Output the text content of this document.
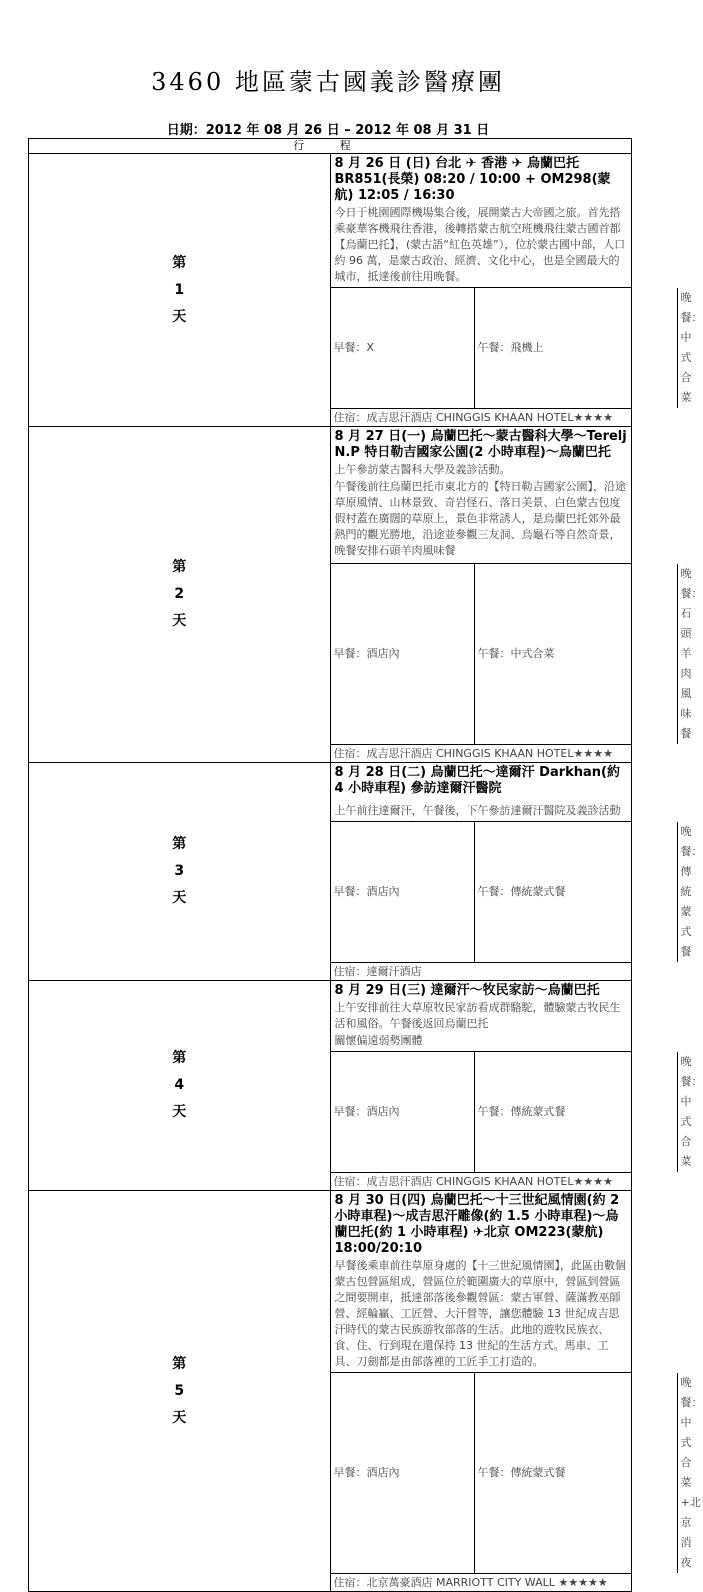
3460 地區蒙古國義診醫療團
日期：2012 年 08 月 26 日 – 2012 年 08 月 31 日
行 程

第
1
天

8 月 26 日 (日) 台北 ✈ 香港 ✈ 烏蘭巴托
BR851(長榮) 08:20 / 10:00 + OM298(蒙航) 12:05 / 16:30
今日于桃園國際機場集合後，展開蒙古大帝國之旅。首先搭乘豪華客機飛往香港，後轉搭蒙古航空班機飛往蒙古國首都【烏蘭巴托】，(蒙古語“紅色英雄”），位於蒙古國中部，人口約 96 萬，是蒙古政治、經濟、文化中心，也是全國最大的城市，抵達後前往用晚餐。

早餐：X	午餐：飛機上	晚餐：中式合菜

住宿：成吉思汗酒店 CHINGGIS KHAAN HOTEL★★★★

第
2
天

8 月 27 日(一) 烏蘭巴托～蒙古醫科大學～Terelj N.P 特日勒吉國家公園(2 小時車程)～烏蘭巴托
上午參訪蒙古醫科大學及義診活動。
午餐後前往烏蘭巴托市東北方的【特日勒吉國家公園】，沿途草原風情、山林景致、奇岩怪石、落日美景、白色蒙古包度假村蓋在廣闊的草原上，景色非常誘人，是烏蘭巴托郊外最熱門的觀光勝地，沿途並參觀三友洞、烏龜石等自然奇景，晚餐安排石頭羊肉風味餐

早餐：酒店內	午餐：中式合菜	晚餐： 石頭羊肉風味餐

住宿：成吉思汗酒店 CHINGGIS KHAAN HOTEL★★★★

第
3
天

8 月 28 日(二) 烏蘭巴托～達爾汗 Darkhan(約 4 小時車程) 參訪達爾汗醫院
上午前往達爾汗，午餐後，下午參訪達爾汗醫院及義診活動

早餐：酒店內	午餐：傳統蒙式餐	晚餐：傳統蒙式餐

住宿：達爾汗酒店

第
4
天

8 月 29 日(三) 達爾汗～牧民家訪～烏蘭巴托
上午安排前往大草原牧民家訪看成群駱駝，體驗蒙古牧民生活和風俗。午餐後返回烏蘭巴托
關懷偏遠弱勢團體

早餐：酒店內	午餐：傳統蒙式餐	晚餐：中式合菜

住宿：成吉思汗酒店 CHINGGIS KHAAN HOTEL★★★★

第
5
天

8 月 30 日(四) 烏蘭巴托～十三世紀風情園(約 2 小時車程)～成吉思汗雕像(約 1.5 小時車程)～烏蘭巴托(約 1 小時車程) ✈北京 OM223(蒙航) 18:00/20:10
早餐後乘車前往草原身處的【十三世紀風情園】，此區由數個蒙古包營區組成，營區位於範圍廣大的草原中，營區到營區之間要開車，抵達部落後參觀營區：蒙古軍營、薩滿教巫師營、經輪贏、工匠營、大汗營等，讓您體驗 13 世紀成吉思汗時代的蒙古民族游牧部落的生活。此地的遊牧民族衣、食、住、行到現在還保持 13 世紀的生活方式。馬車、工具、刀劍都是由部落裡的工匠手工打造的。

早餐：酒店內	午餐：傳統蒙式餐	晚餐：中式合菜+北京消夜

住宿：北京萬豪酒店 MARRIOTT CITY WALL ★★★★★
